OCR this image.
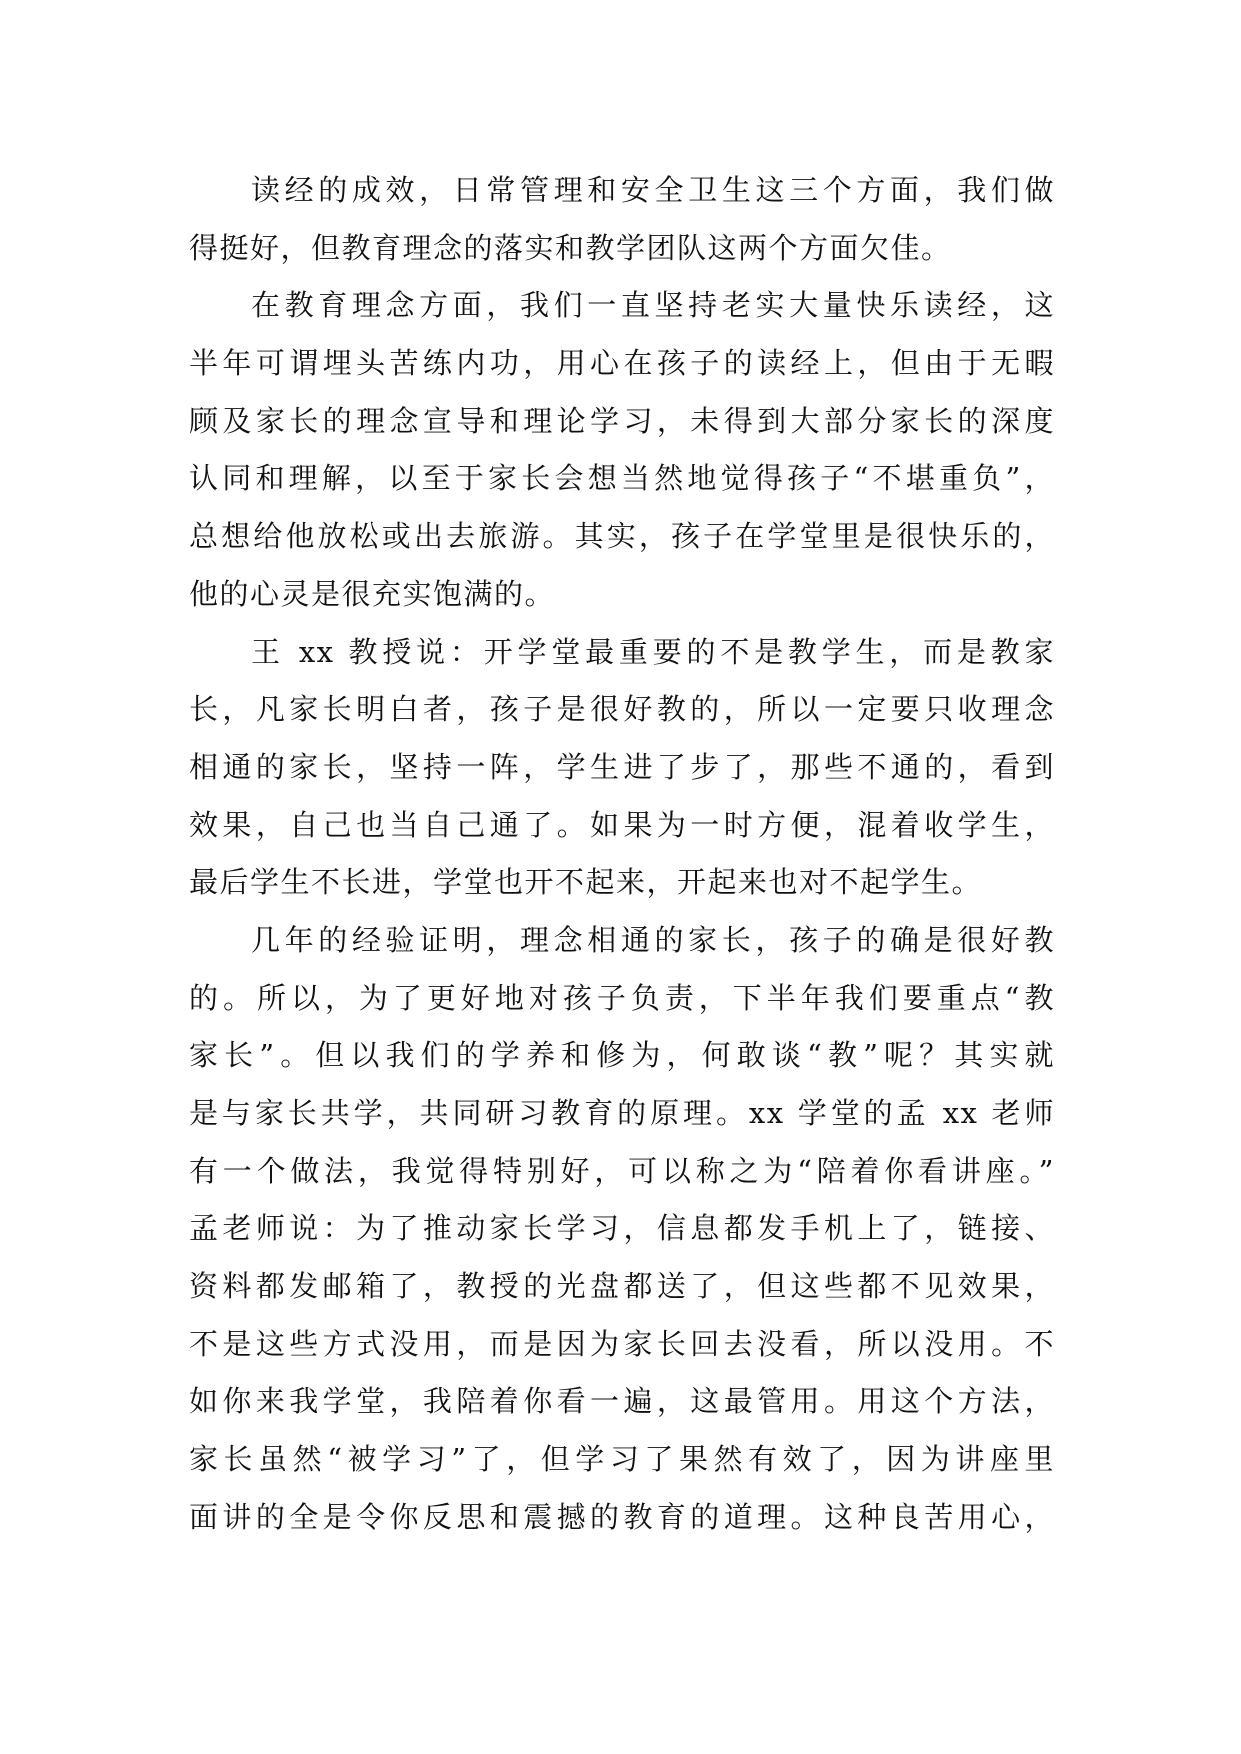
读经的成效，日常管理和安全卫生这三个方面，我们做
得挺好，但教育理念的落实和教学团队这两个方面欠佳。
在教育理念方面，我们一直坚持老实大量快乐读经，这
半年可谓埋头苦练内功，用心在孩子的读经上，但由于无暇
顾及家长的理念宣导和理论学习，未得到大部分家长的深度
认同和理解，以至于家长会想当然地觉得孩子“不堪重负”，
总想给他放松或出去旅游。其实，孩子在学堂里是很快乐的，
他的心灵是很充实饱满的。
王 xx 教授说：开学堂最重要的不是教学生，而是教家
长，凡家长明白者，孩子是很好教的，所以一定要只收理念
相通的家长，坚持一阵，学生进了步了，那些不通的，看到
效果，自己也当自己通了。如果为一时方便，混着收学生，
最后学生不长进，学堂也开不起来，开起来也对不起学生。
几年的经验证明，理念相通的家长，孩子的确是很好教
的。所以，为了更好地对孩子负责，下半年我们要重点“教
家长”。但以我们的学养和修为，何敢谈“教”呢？其实就
是与家长共学，共同研习教育的原理。xx 学堂的孟 xx 老师
有一个做法，我觉得特别好，可以称之为“陪着你看讲座。”
孟老师说：为了推动家长学习，信息都发手机上了，链接、
资料都发邮箱了，教授的光盘都送了，但这些都不见效果，
不是这些方式没用，而是因为家长回去没看，所以没用。不
如你来我学堂，我陪着你看一遍，这最管用。用这个方法，
家长虽然“被学习”了，但学习了果然有效了，因为讲座里
面讲的全是令你反思和震撼的教育的道理。这种良苦用心，
